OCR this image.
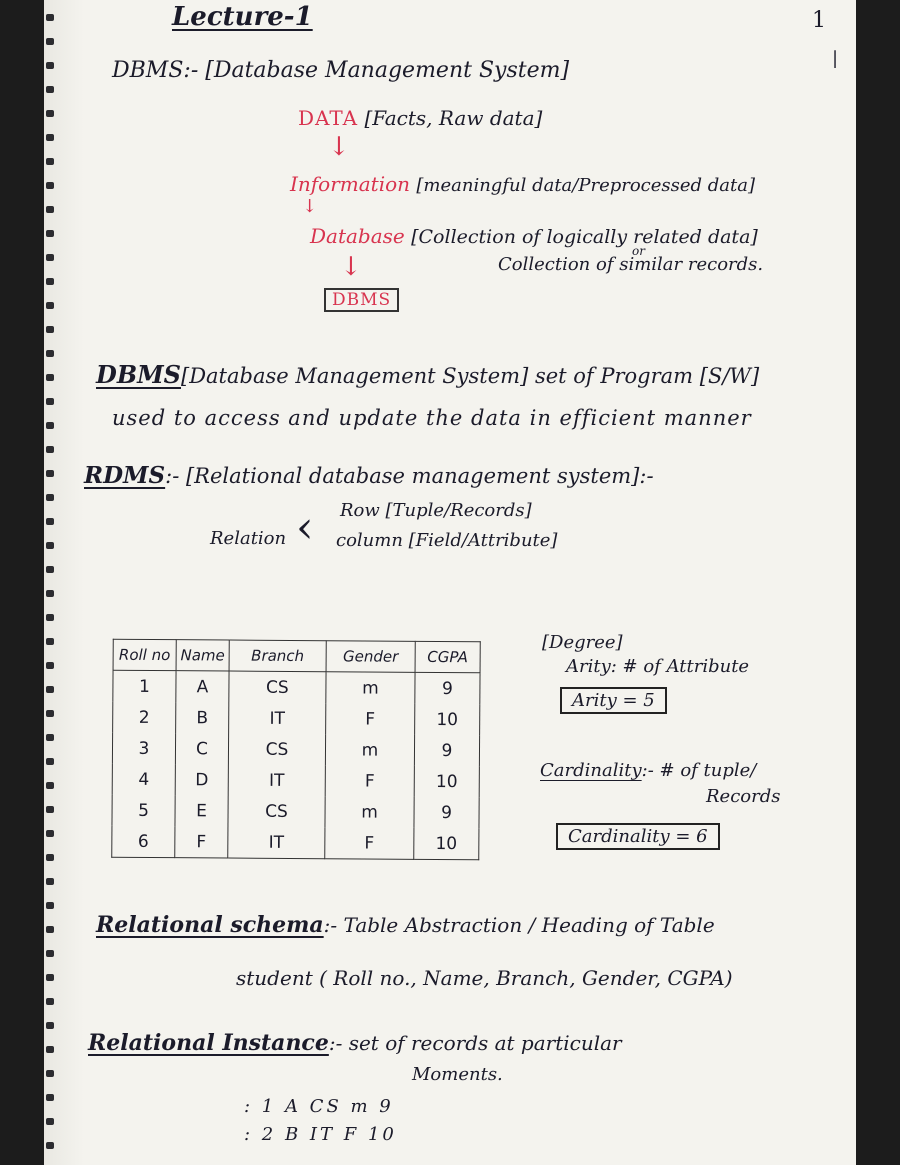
Lecture-1	1
|
DBMS:- [Database Management System]
DATA [Facts, Raw data]
↓
Information [meaningful data/Preprocessed data]
↓
Database [Collection of logically related data]
or
Collection of similar records.
↓
DBMS
DBMS[Database Management System] set of Program [S/W]
used to access and update the data in efficient manner
RDMS:- [Relational database management system]:-
Relation ‹ Row [Tuple/Records]
column [Field/Attribute]
Roll no	Name	Branch	Gender	CGPA
1	A	CS	m	9
2	B	IT	F	10
3	C	CS	m	9
4	D	IT	F	10
5	E	CS	m	9
6	F	IT	F	10
[Degree]
Arity: # of Attribute
Arity = 5
Cardinality:- # of tuple/
Records
Cardinality = 6
Relational schema:- Table Abstraction / Heading of Table
student ( Roll no., Name, Branch, Gender, CGPA)
Relational Instance:- set of records at particular
Moments.
: 1 A CS m 9
: 2 B IT F 10
